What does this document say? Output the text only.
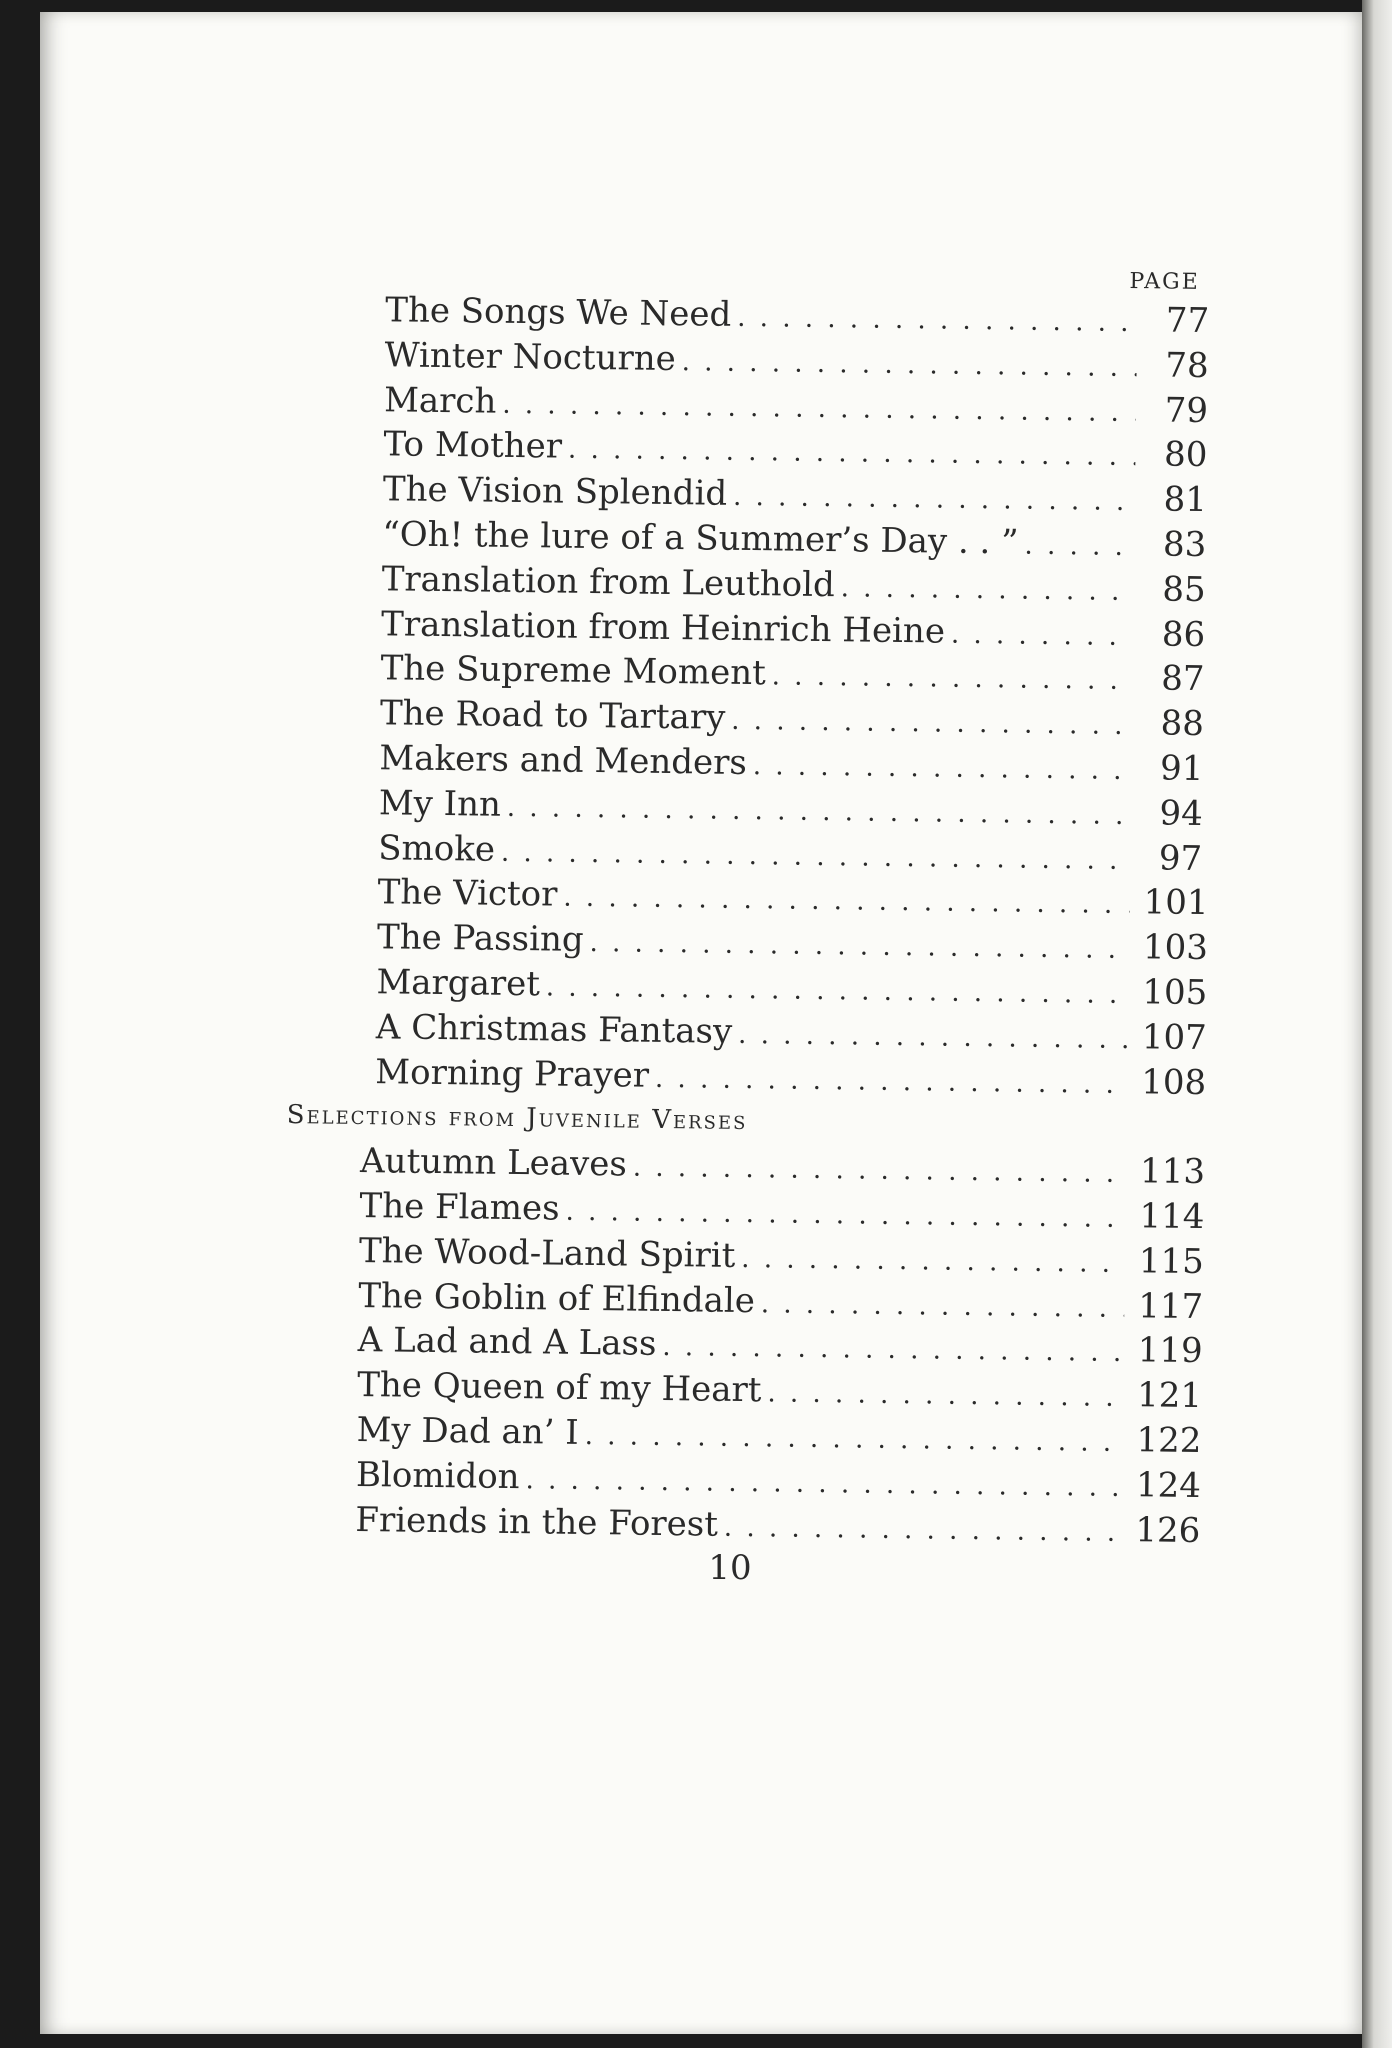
PAGE
The Songs We Need . . .	77
Winter Nocturne . . .	78
March . . .	79
To Mother . . .	80
The Vision Splendid . . .	81
“Oh! the lure of a Summer’s Day . . ” . . .	83
Translation from Leuthold . . .	85
Translation from Heinrich Heine . . .	86
The Supreme Moment . . .	87
The Road to Tartary . . .	88
Makers and Menders . . .	91
My Inn . . .	94
Smoke . . .	97
The Victor . . .	101
The Passing . . .	103
Margaret . . .	105
A Christmas Fantasy . . .	107
Morning Prayer . . .	108
Selections from Juvenile Verses
Autumn Leaves . . .	113
The Flames . . .	114
The Wood-Land Spirit . . .	115
The Goblin of Elfindale . . .	117
A Lad and A Lass . . .	119
The Queen of my Heart . . .	121
My Dad an’ I . . .	122
Blomidon . . .	124
Friends in the Forest . . .	126
10
